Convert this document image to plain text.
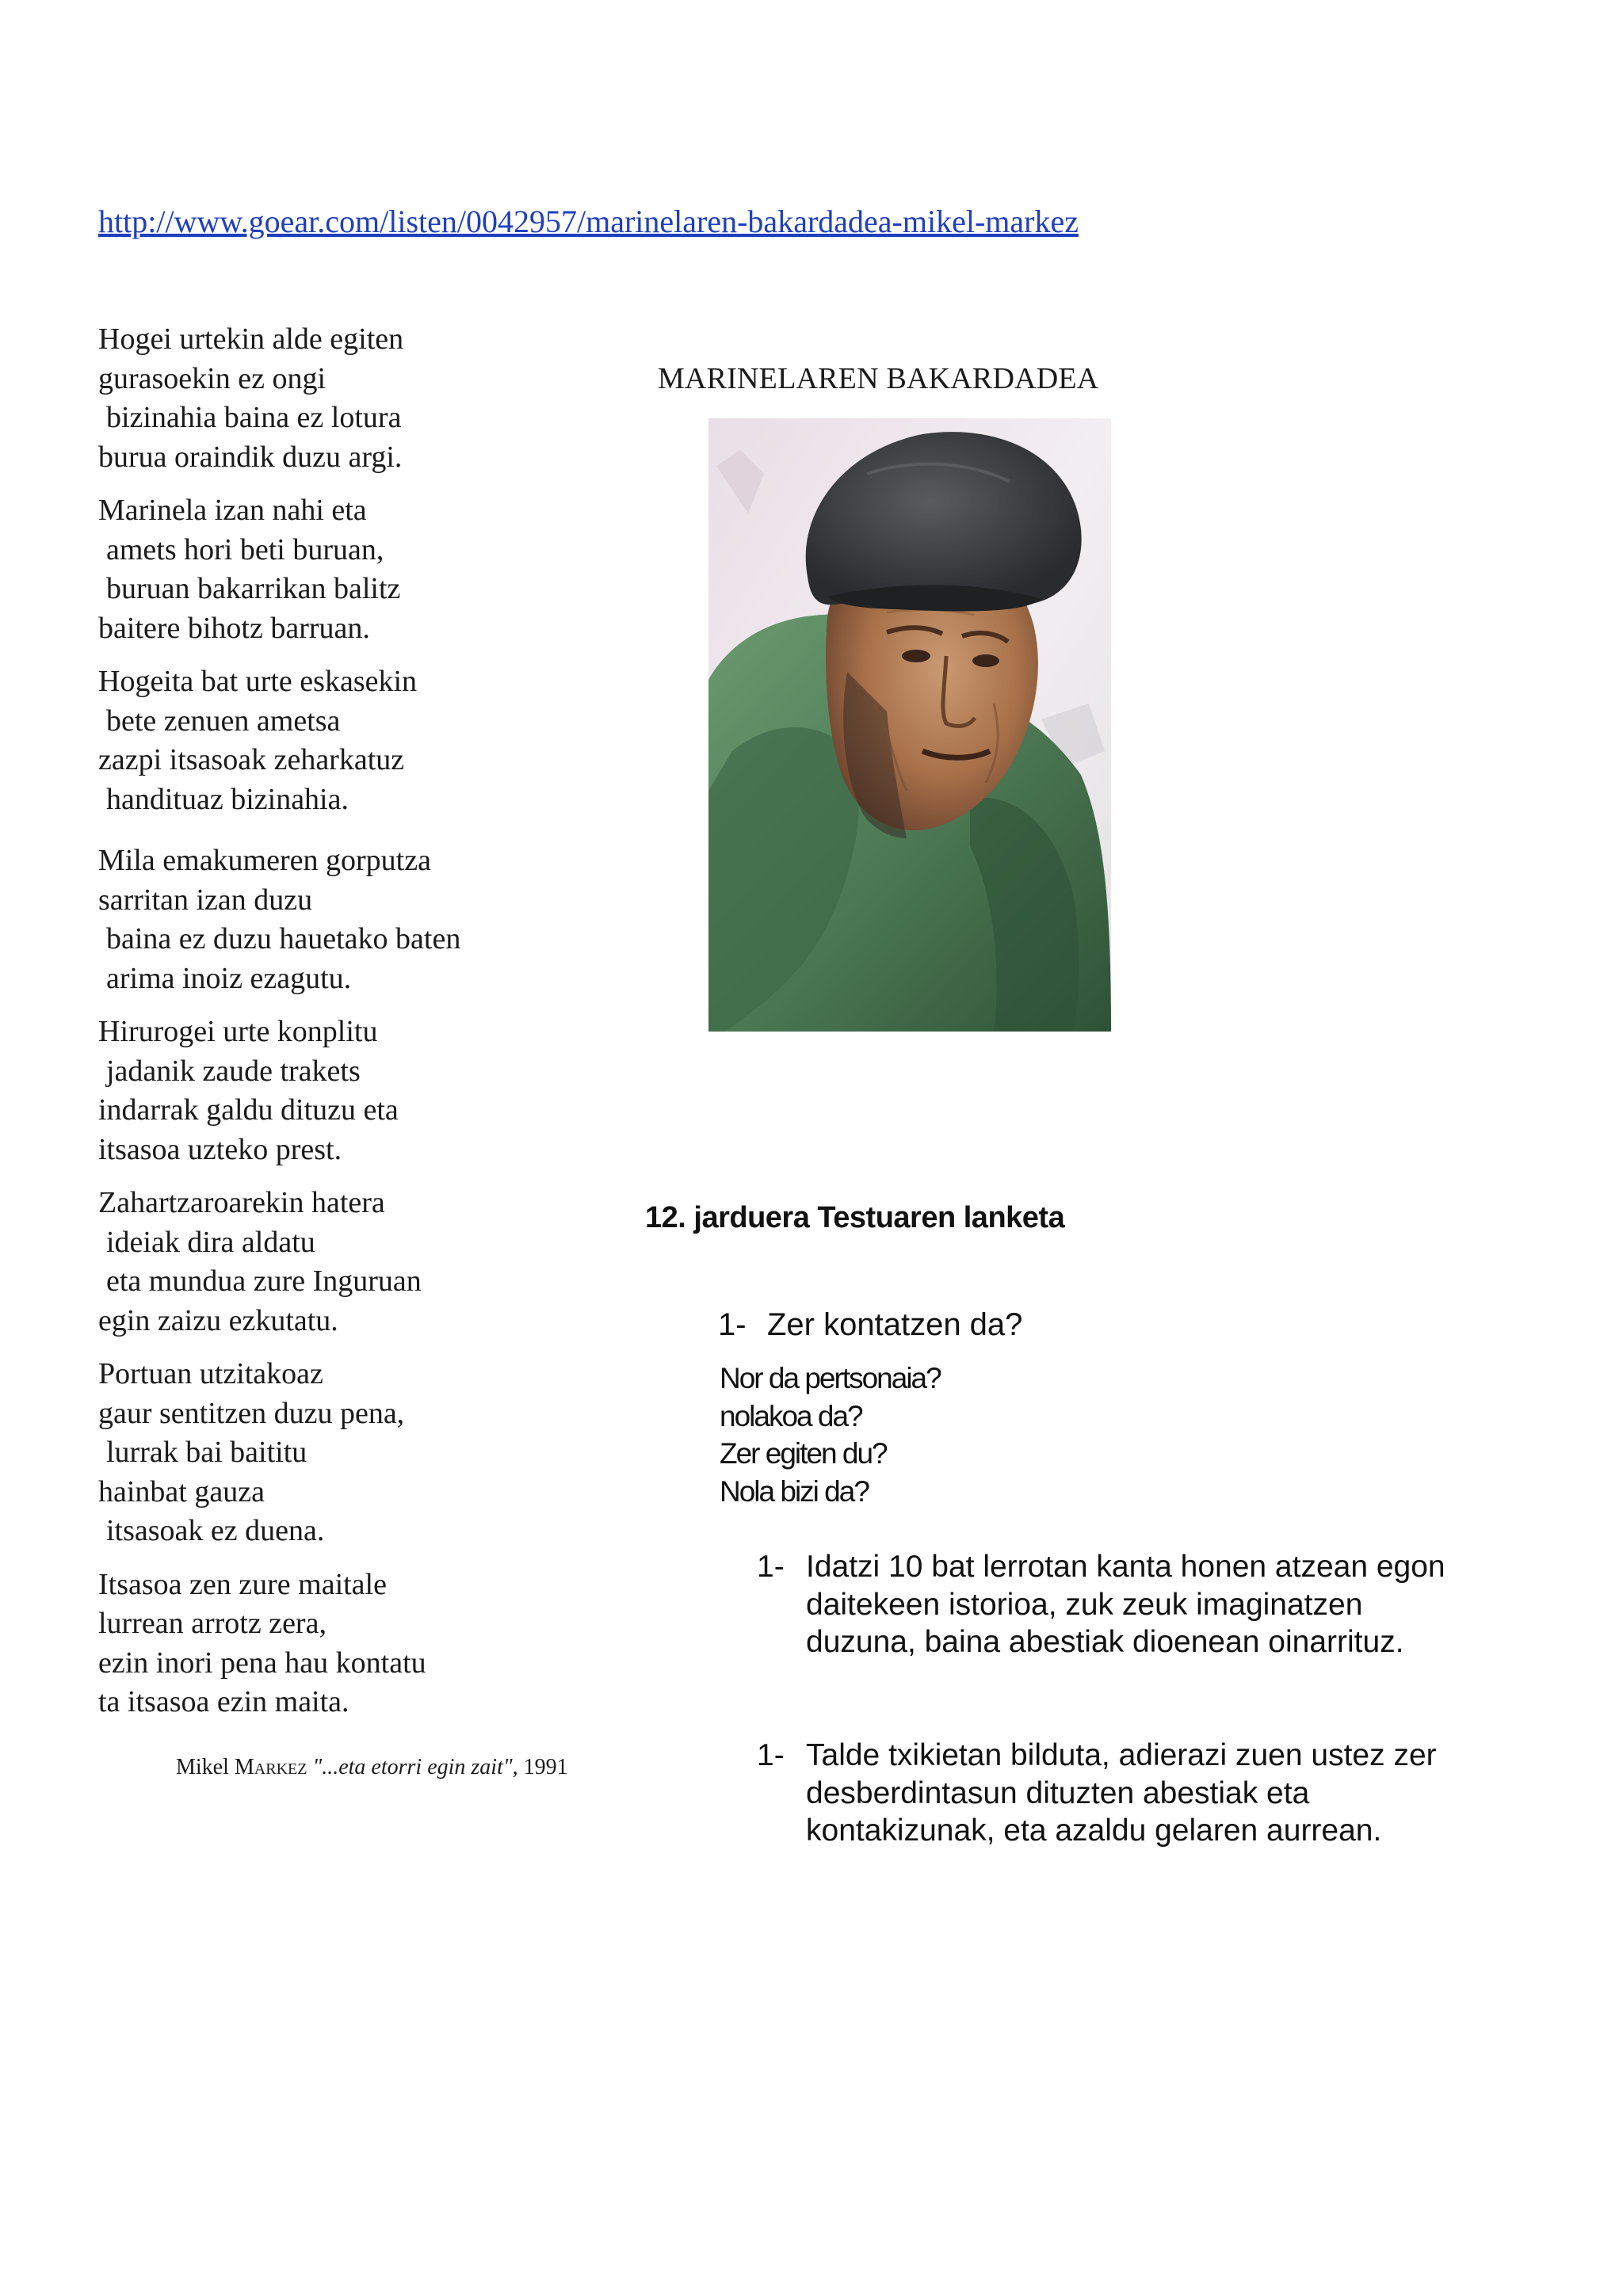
http://www.goear.com/listen/0042957/marinelaren-bakardadea-mikel-markez
Hogei urtekin alde egiten
gurasoekin ez ongi
bizinahia baina ez lotura
burua oraindik duzu argi.
Marinela izan nahi eta
amets hori beti buruan,
buruan bakarrikan balitz
baitere bihotz barruan.
Hogeita bat urte eskasekin
bete zenuen ametsa
zazpi itsasoak zeharkatuz
handituaz bizinahia.
Mila emakumeren gorputza
sarritan izan duzu
baina ez duzu hauetako baten
arima inoiz ezagutu.
Hirurogei urte konplitu
jadanik zaude trakets
indarrak galdu dituzu eta
itsasoa uzteko prest.
Zahartzaroarekin hatera
ideiak dira aldatu
eta mundua zure Inguruan
egin zaizu ezkutatu.
Portuan utzitakoaz
gaur sentitzen duzu pena,
lurrak bai baititu
hainbat gauza
itsasoak ez duena.
Itsasoa zen zure maitale
lurrean arrotz zera,
ezin inori pena hau kontatu
ta itsasoa ezin maita.
Mikel Markez "...eta etorri egin zait", 1991
MARINELAREN BAKARDADEA
12. jarduera Testuaren lanketa
1- Zer kontatzen da?
Nor da pertsonaia?
nolakoa da?
Zer egiten du?
Nola bizi da?
1- Idatzi 10 bat lerrotan kanta honen atzean egon daitekeen istorioa, zuk zeuk imaginatzen duzuna, baina abestiak dioenean oinarrituz.
1- Talde txikietan bilduta, adierazi zuen ustez zer desberdintasun dituzten abestiak eta kontakizunak, eta azaldu gelaren aurrean.
